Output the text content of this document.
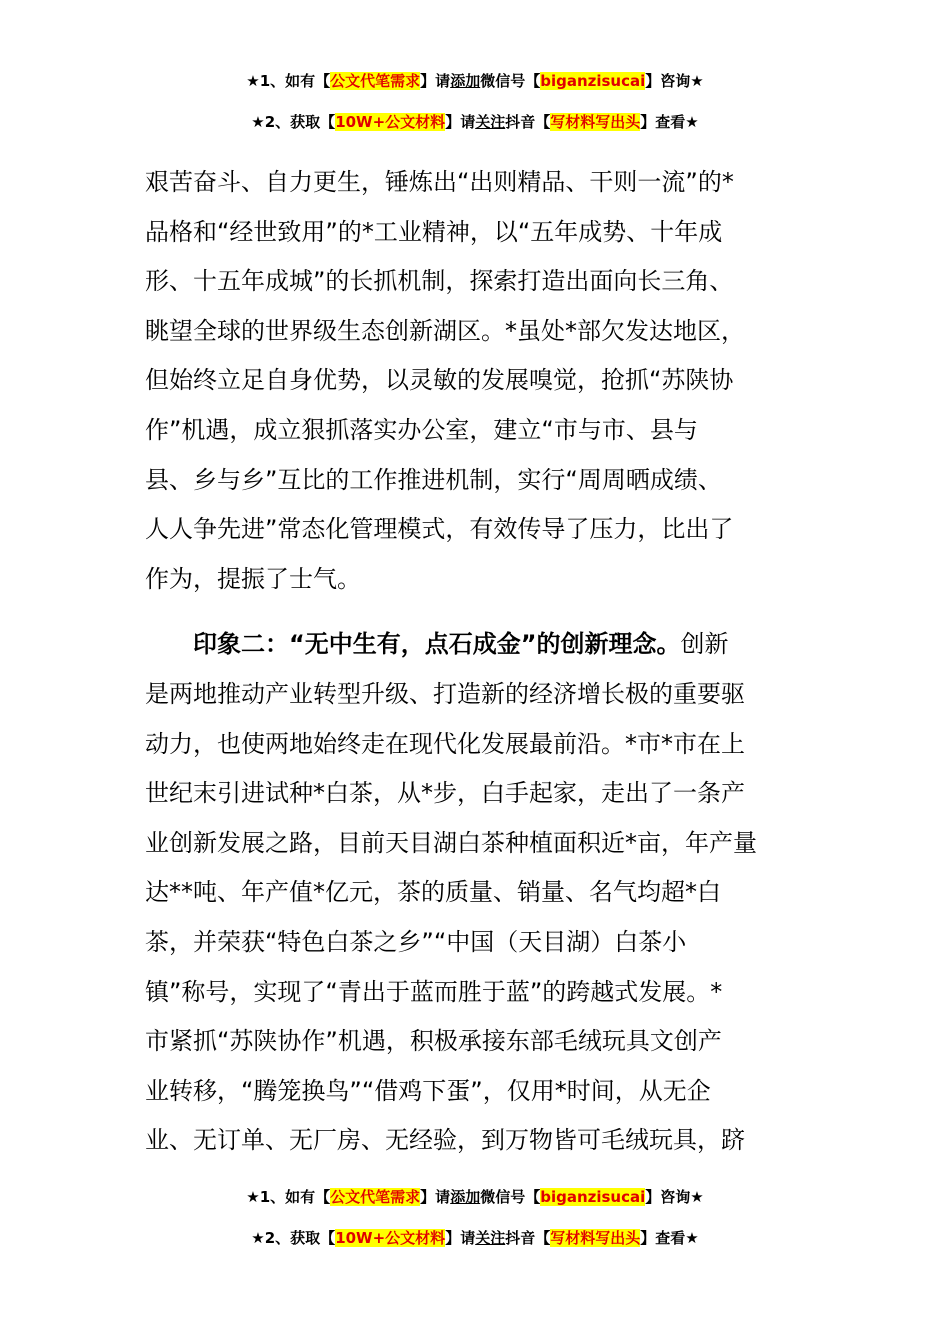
★1、如有【公文代笔需求】请添加微信号【biganzisucai】咨询★
★2、获取【10W+公文材料】请关注抖音【写材料写出头】查看★
艰苦奋斗、自力更生，锤炼出“出则精品、干则一流”的*
品格和“经世致用”的*工业精神，以“五年成势、十年成
形、十五年成城”的长抓机制，探索打造出面向长三角、
眺望全球的世界级生态创新湖区。*虽处*部欠发达地区，
但始终立足自身优势，以灵敏的发展嗅觉，抢抓“苏陕协
作”机遇，成立狠抓落实办公室，建立“市与市、县与
县、乡与乡”互比的工作推进机制，实行“周周晒成绩、
人人争先进”常态化管理模式，有效传导了压力，比出了
作为，提振了士气。
印象二：“无中生有，点石成金”的创新理念。创新
是两地推动产业转型升级、打造新的经济增长极的重要驱
动力，也使两地始终走在现代化发展最前沿。*市*市在上
世纪末引进试种*白茶，从*步，白手起家，走出了一条产
业创新发展之路，目前天目湖白茶种植面积近*亩，年产量
达**吨、年产值*亿元，茶的质量、销量、名气均超*白
茶，并荣获“特色白茶之乡”“中国（天目湖）白茶小
镇”称号，实现了“青出于蓝而胜于蓝”的跨越式发展。*
市紧抓“苏陕协作”机遇，积极承接东部毛绒玩具文创产
业转移，“腾笼换鸟”“借鸡下蛋”，仅用*时间，从无企
业、无订单、无厂房、无经验，到万物皆可毛绒玩具，跻
★1、如有【公文代笔需求】请添加微信号【biganzisucai】咨询★
★2、获取【10W+公文材料】请关注抖音【写材料写出头】查看★
